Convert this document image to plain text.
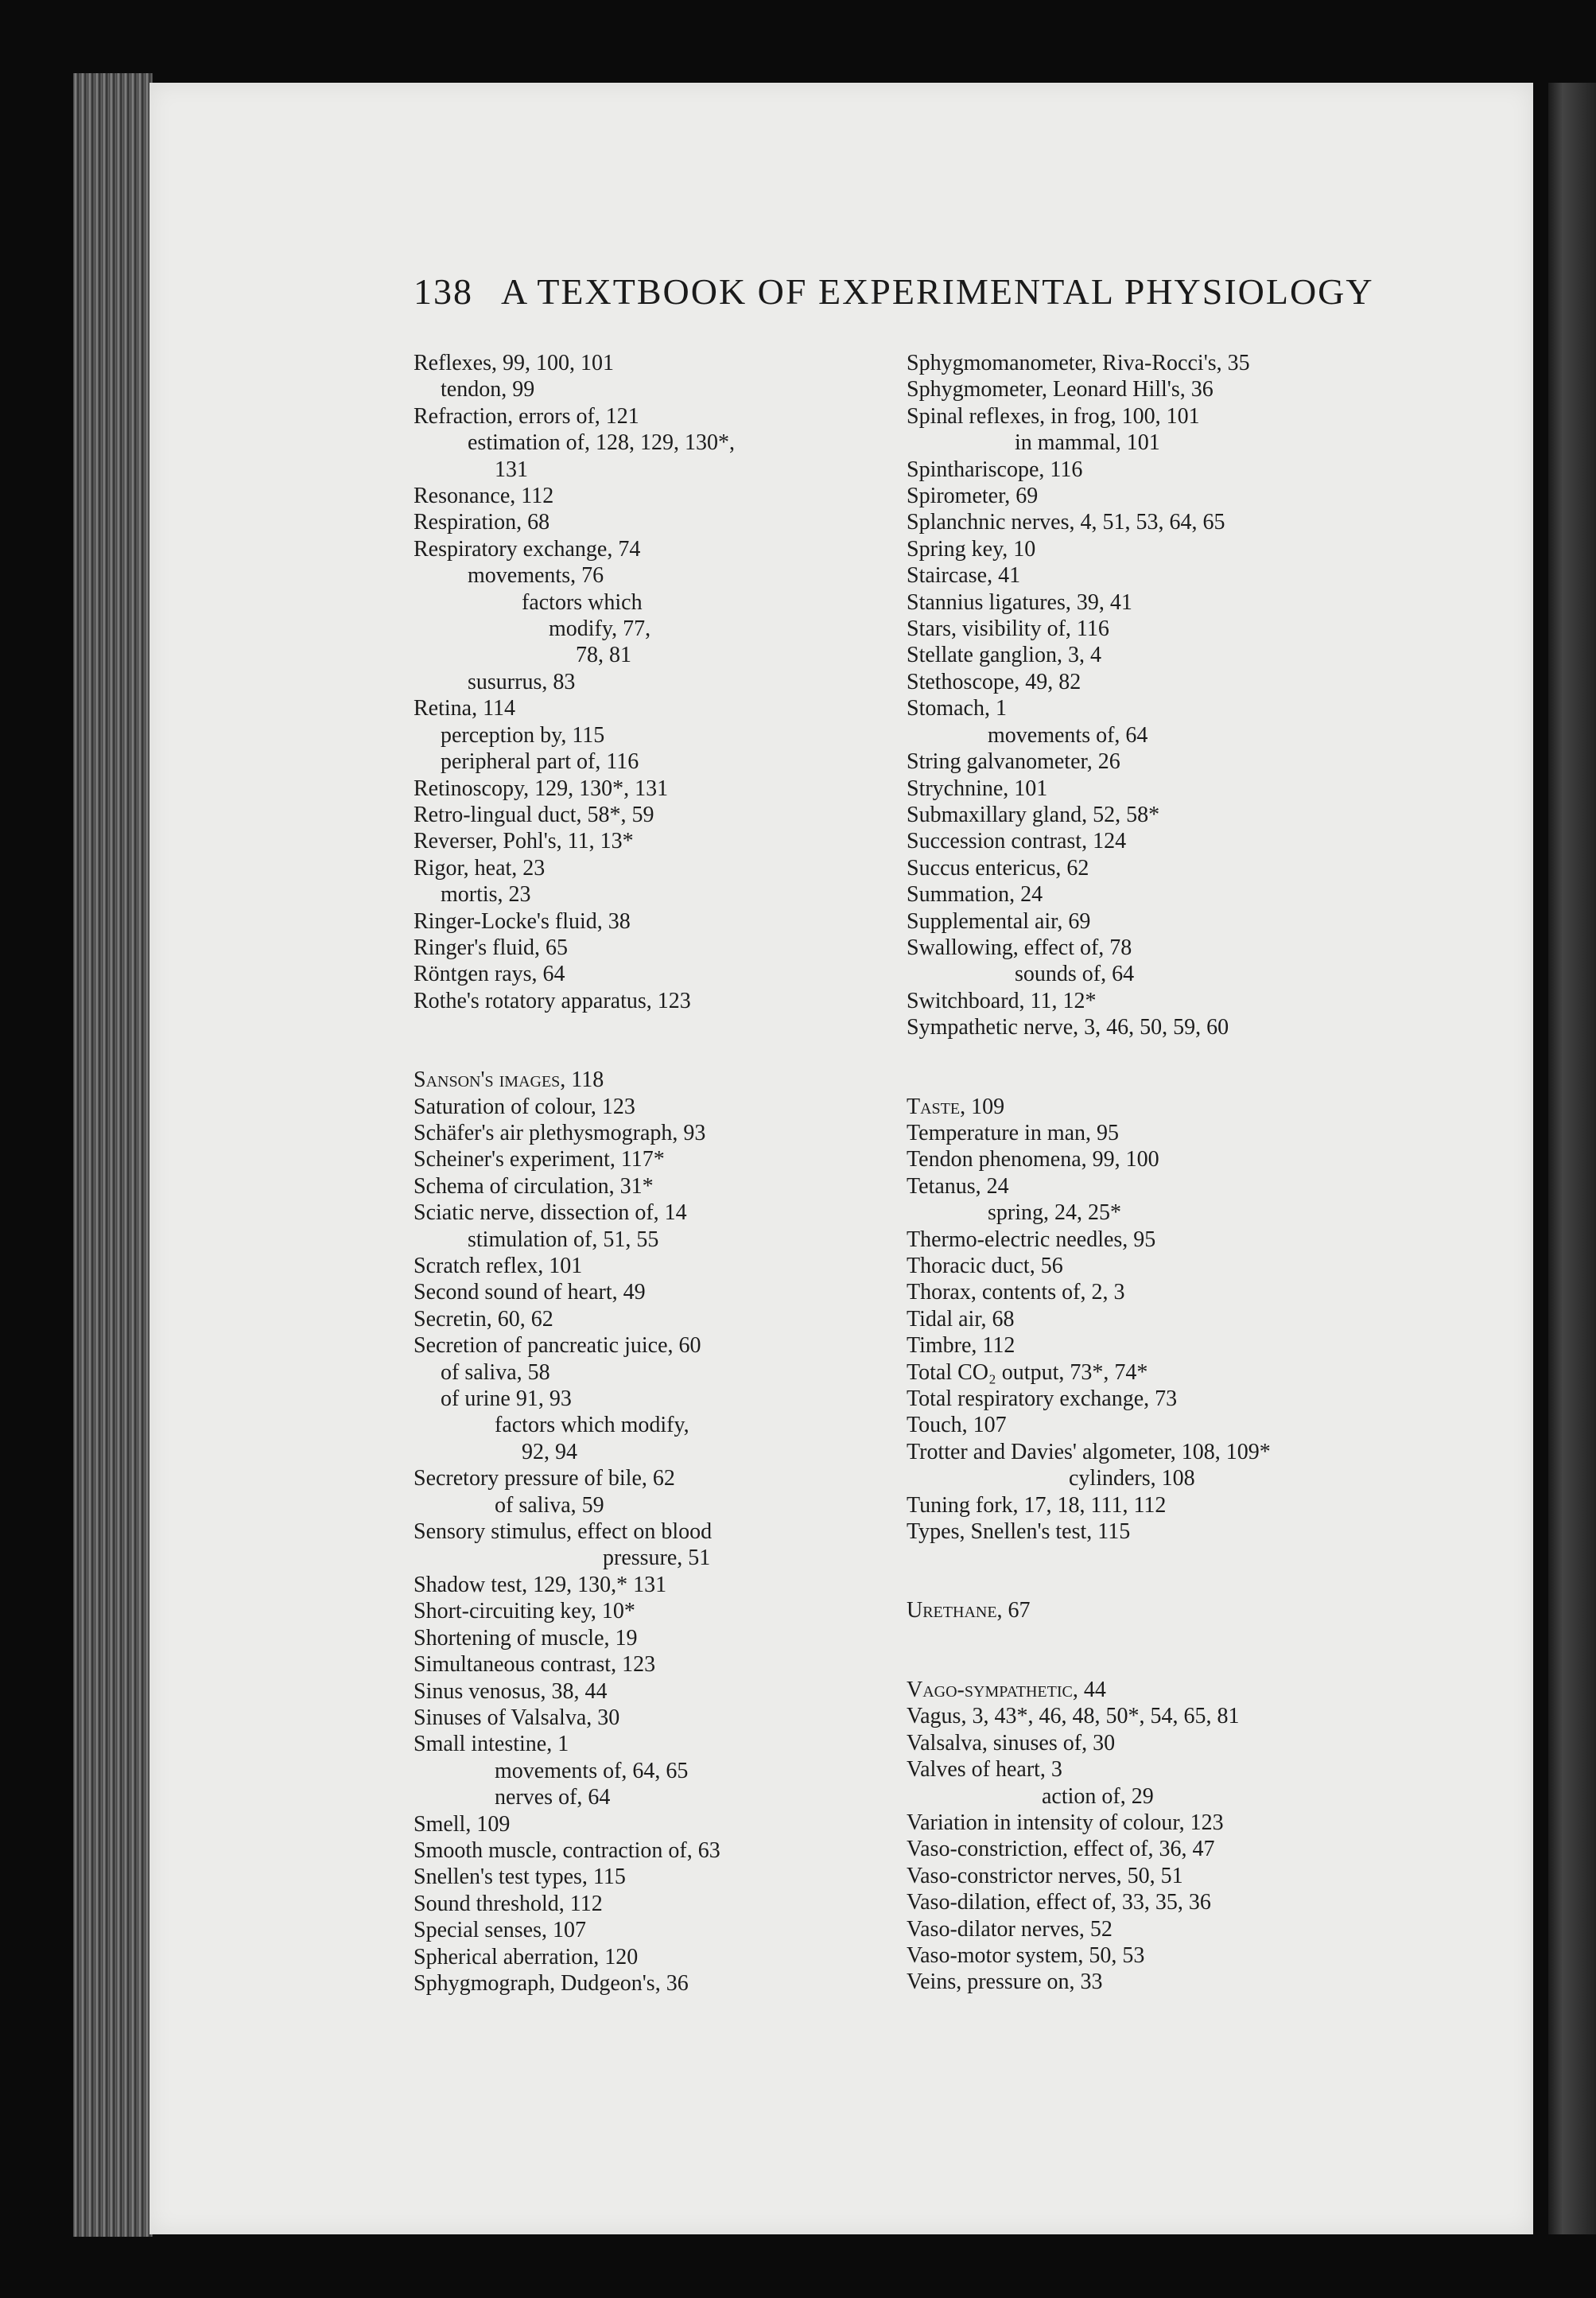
138 A TEXTBOOK OF EXPERIMENTAL PHYSIOLOGY
Reflexes, 99, 100, 101
tendon, 99
Refraction, errors of, 121
estimation of, 128, 129, 130*,
131
Resonance, 112
Respiration, 68
Respiratory exchange, 74
movements, 76
factors which
modify, 77,
78, 81
susurrus, 83
Retina, 114
perception by, 115
peripheral part of, 116
Retinoscopy, 129, 130*, 131
Retro-lingual duct, 58*, 59
Reverser, Pohl's, 11, 13*
Rigor, heat, 23
mortis, 23
Ringer-Locke's fluid, 38
Ringer's fluid, 65
Röntgen rays, 64
Rothe's rotatory apparatus, 123
Sanson's images, 118
Saturation of colour, 123
Schäfer's air plethysmograph, 93
Scheiner's experiment, 117*
Schema of circulation, 31*
Sciatic nerve, dissection of, 14
stimulation of, 51, 55
Scratch reflex, 101
Second sound of heart, 49
Secretin, 60, 62
Secretion of pancreatic juice, 60
of saliva, 58
of urine 91, 93
factors which modify,
92, 94
Secretory pressure of bile, 62
of saliva, 59
Sensory stimulus, effect on blood
pressure, 51
Shadow test, 129, 130,* 131
Short-circuiting key, 10*
Shortening of muscle, 19
Simultaneous contrast, 123
Sinus venosus, 38, 44
Sinuses of Valsalva, 30
Small intestine, 1
movements of, 64, 65
nerves of, 64
Smell, 109
Smooth muscle, contraction of, 63
Snellen's test types, 115
Sound threshold, 112
Special senses, 107
Spherical aberration, 120
Sphygmograph, Dudgeon's, 36
Sphygmomanometer, Riva-Rocci's, 35
Sphygmometer, Leonard Hill's, 36
Spinal reflexes, in frog, 100, 101
in mammal, 101
Spinthariscope, 116
Spirometer, 69
Splanchnic nerves, 4, 51, 53, 64, 65
Spring key, 10
Staircase, 41
Stannius ligatures, 39, 41
Stars, visibility of, 116
Stellate ganglion, 3, 4
Stethoscope, 49, 82
Stomach, 1
movements of, 64
String galvanometer, 26
Strychnine, 101
Submaxillary gland, 52, 58*
Succession contrast, 124
Succus entericus, 62
Summation, 24
Supplemental air, 69
Swallowing, effect of, 78
sounds of, 64
Switchboard, 11, 12*
Sympathetic nerve, 3, 46, 50, 59, 60
Taste, 109
Temperature in man, 95
Tendon phenomena, 99, 100
Tetanus, 24
spring, 24, 25*
Thermo-electric needles, 95
Thoracic duct, 56
Thorax, contents of, 2, 3
Tidal air, 68
Timbre, 112
Total CO₂ output, 73*, 74*
Total respiratory exchange, 73
Touch, 107
Trotter and Davies' algometer, 108, 109*
cylinders, 108
Tuning fork, 17, 18, 111, 112
Types, Snellen's test, 115
Urethane, 67
Vago-sympathetic, 44
Vagus, 3, 43*, 46, 48, 50*, 54, 65, 81
Valsalva, sinuses of, 30
Valves of heart, 3
action of, 29
Variation in intensity of colour, 123
Vaso-constriction, effect of, 36, 47
Vaso-constrictor nerves, 50, 51
Vaso-dilation, effect of, 33, 35, 36
Vaso-dilator nerves, 52
Vaso-motor system, 50, 53
Veins, pressure on, 33
